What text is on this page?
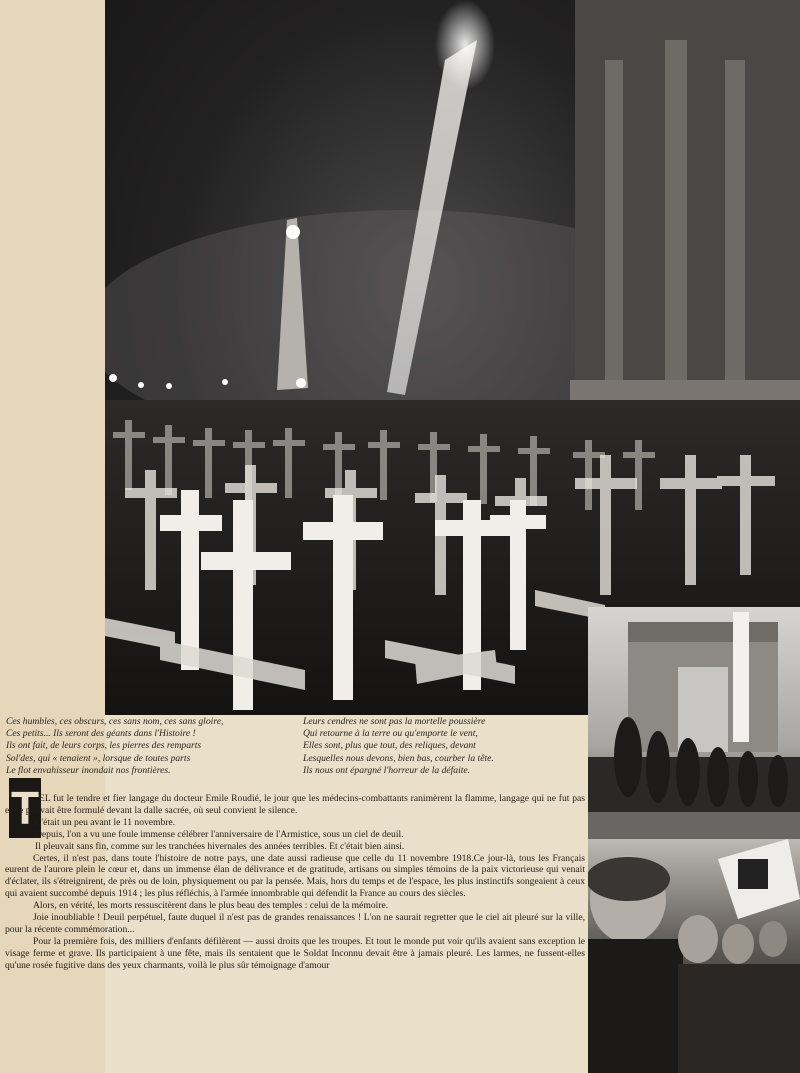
Ces humbles, ces obscurs, ces sans nom, ces sans gloire,
Ces petits... Ils seront des géants dans l'Histoire !
Ils ont fait, de leurs corps, les pierres des remparts
Sol'des, qui « tenaient », lorsque de toutes parts
Le flot envahisseur inondait nos frontières.
Leurs cendres ne sont pas la mortelle poussière
Qui retourne à la terre ou qu'emporte le vent,
Elles sont, plus que tout, des reliques, devant
Lesquelles nous devons, bien bas, courber la tête.
Ils nous ont épargné l'horreur de la défaite.
T EL fut le tendre et fier langage du docteur Emile Roudié, le jour que les médecins-combattants ranimèrent la flamme, langage qui ne fut pas et ne pouvait être formulé devant la dalle sacrée, où seul convient le silence.

C'était un peu avant le 11 novembre.

Depuis, l'on a vu une foule immense célébrer l'anniversaire de l'Armistice, sous un ciel de deuil.

Il pleuvait sans fin, comme sur les tranchées hivernales des années terribles. Et c'était bien ainsi.

Certes, il n'est pas, dans toute l'histoire de notre pays, une date aussi radieuse que celle du 11 novembre 1918.Ce jour-là, tous les Français eurent de l'aurore plein le cœur et, dans un immense élan de délivrance et de gratitude, artisans ou simples témoins de la paix victorieuse qui venait d'éclater, ils s'étreignirent, de près ou de loin, physiquement ou par la pensée. Mais, hors du temps et de l'espace, les plus instinctifs songeaient à ceux qui avaient succombé depuis 1914 ; les plus réfléchis, à l'armée innombrable qui défendit la France au cours des siècles.

Alors, en vérité, les morts ressuscitèrent dans le plus beau des temples : celui de la mémoire.

Joie inoubliable ! Deuil perpétuel, faute duquel il n'est pas de grandes renaissances ! L'on ne saurait regretter que le ciel ait pleuré sur la ville, pour la récente commémoration...

Pour la première fois, des milliers d'enfants défilèrent — aussi droits que les troupes. Et tout le monde put voir qu'ils avaient sans exception le visage ferme et grave. Ils participaient à une fête, mais ils sentaient que le Soldat Inconnu devait être à jamais pleuré. Les larmes, ne fussent-elles qu'une rosée fugitive dans des yeux charmants, voilà le plus sûr témoignage d'amour
